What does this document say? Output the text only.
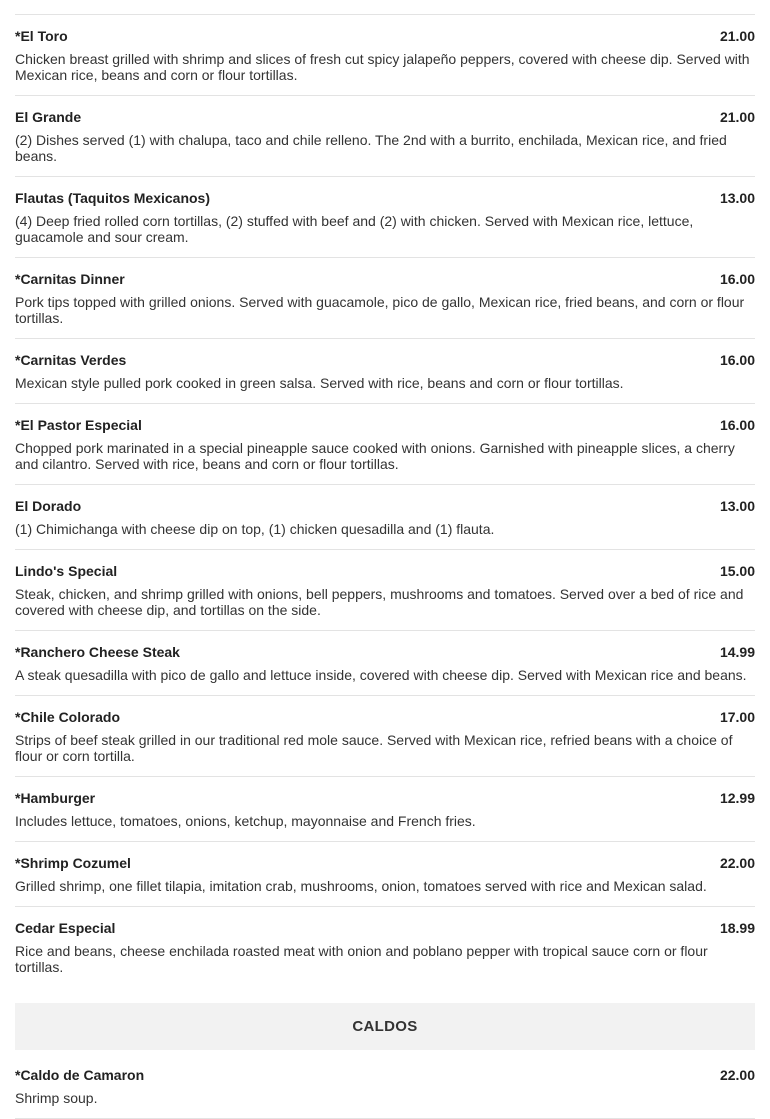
*El Toro	21.00
Chicken breast grilled with shrimp and slices of fresh cut spicy jalapeño peppers, covered with cheese dip. Served with Mexican rice, beans and corn or flour tortillas.
El Grande	21.00
(2) Dishes served (1) with chalupa, taco and chile relleno. The 2nd with a burrito, enchilada, Mexican rice, and fried beans.
Flautas (Taquitos Mexicanos)	13.00
(4) Deep fried rolled corn tortillas, (2) stuffed with beef and (2) with chicken. Served with Mexican rice, lettuce, guacamole and sour cream.
*Carnitas Dinner	16.00
Pork tips topped with grilled onions. Served with guacamole, pico de gallo, Mexican rice, fried beans, and corn or flour tortillas.
*Carnitas Verdes	16.00
Mexican style pulled pork cooked in green salsa. Served with rice, beans and corn or flour tortillas.
*El Pastor Especial	16.00
Chopped pork marinated in a special pineapple sauce cooked with onions. Garnished with pineapple slices, a cherry and cilantro. Served with rice, beans and corn or flour tortillas.
El Dorado	13.00
(1) Chimichanga with cheese dip on top, (1) chicken quesadilla and (1) flauta.
Lindo's Special	15.00
Steak, chicken, and shrimp grilled with onions, bell peppers, mushrooms and tomatoes. Served over a bed of rice and covered with cheese dip, and tortillas on the side.
*Ranchero Cheese Steak	14.99
A steak quesadilla with pico de gallo and lettuce inside, covered with cheese dip. Served with Mexican rice and beans.
*Chile Colorado	17.00
Strips of beef steak grilled in our traditional red mole sauce. Served with Mexican rice, refried beans with a choice of flour or corn tortilla.
*Hamburger	12.99
Includes lettuce, tomatoes, onions, ketchup, mayonnaise and French fries.
*Shrimp Cozumel	22.00
Grilled shrimp, one fillet tilapia, imitation crab, mushrooms, onion, tomatoes served with rice and Mexican salad.
Cedar Especial	18.99
Rice and beans, cheese enchilada roasted meat with onion and poblano pepper with tropical sauce corn or flour tortillas.
CALDOS
*Caldo de Camaron	22.00
Shrimp soup.
